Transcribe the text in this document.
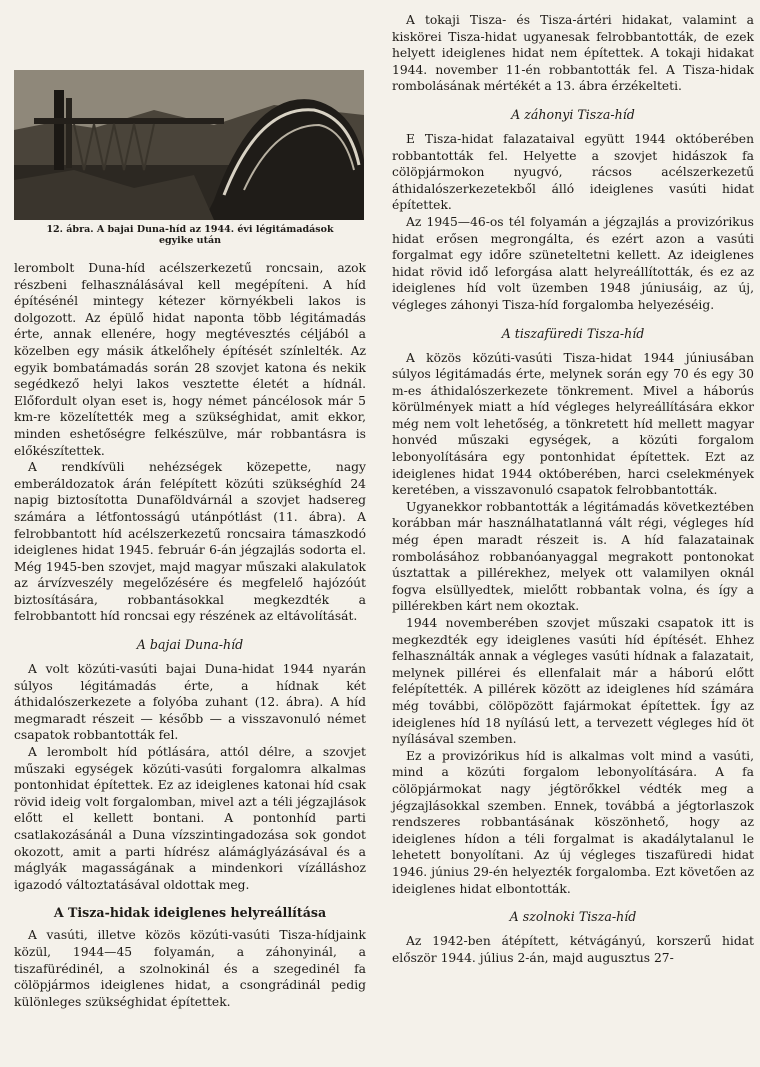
12. ábra. A bajai Duna-híd az 1944. évi légitámadások
egyike után

lerombolt Duna-híd acélszerkezetű roncsain, azok részbeni felhasználásával kell megépíteni. A híd építésénél mintegy kétezer környékbeli lakos is dolgozott. Az épülő hidat naponta több légitámadás érte, annak ellenére, hogy megtévesztés céljából a közelben egy másik átkelőhely építését színlelték. Az egyik bombatámadás során 28 szovjet katona és nekik segédkező helyi lakos vesztette életét a hídnál. Előfordult olyan eset is, hogy német páncélosok már 5 km-re közelítették meg a szükséghidat, amit ekkor, minden eshetőségre felkészülve, már robbantásra is előkészítettek.

A rendkívüli nehézségek közepette, nagy emberáldozatok árán felépített közúti szükséghíd 24 napig biztosította Dunaföldvárnál a szovjet hadsereg számára a létfontosságú utánpótlást (11. ábra). A felrobbantott híd acélszerkezetű roncsaira támaszkodó ideiglenes hidat 1945. február 6-án jégzajlás sodorta el. Még 1945-ben szovjet, majd magyar műszaki alakulatok az árvízveszély megelőzésére és megfelelő hajózóút biztosítására, robbantásokkal megkezdték a felrobbantott híd roncsai egy részének az eltávolítását.

A bajai Duna-híd

A volt közúti-vasúti bajai Duna-hidat 1944 nyarán súlyos légitámadás érte, a hídnak két áthidalószerkezete a folyóba zuhant (12. ábra). A híd megmaradt részeit — később — a visszavonuló német csapatok robbantották fel.

A lerombolt híd pótlására, attól délre, a szovjet műszaki egységek közúti-vasúti forgalomra alkalmas pontonhidat építettek. Ez az ideiglenes katonai híd csak rövid ideig volt forgalomban, mivel azt a téli jégzajlások előtt el kellett bontani. A pontonhíd parti csatlakozásánál a Duna vízszintingadozása sok gondot okozott, amit a parti hídrész alámáglyázásával és a máglyák magasságának a mindenkori vízálláshoz igazodó változtatásával oldottak meg.

A Tisza-hidak ideiglenes helyreállítása

A vasúti, illetve közös közúti-vasúti Tisza-hídjaink közül, 1944—45 folyamán, a záhonyinál, a tiszafürédinél, a szolnokinál és a szegedinél fa cölöpjármos ideiglenes hidat, a csongrádinál pedig különleges szükséghidat építettek.

A tokaji Tisza- és Tisza-ártéri hidakat, valamint a kiskörei Tisza-hidat ugyanesak felrobbantották, de ezek helyett ideiglenes hidat nem építettek. A tokaji hidakat 1944. november 11-én robbantották fel. A Tisza-hidak rombolásának mértékét a 13. ábra érzékelteti.

A záhonyi Tisza-híd

E Tisza-hidat falazataival együtt 1944 októberében robbantották fel. Helyette a szovjet hidászok fa cölöpjármokon nyugvó, rácsos acélszerkezetű áthidalószerkezetekből álló ideiglenes vasúti hidat építettek.

Az 1945—46-os tél folyamán a jégzajlás a provizórikus hidat erősen megrongálta, és ezért azon a vasúti forgalmat egy időre szüneteltetni kellett. Az ideiglenes hidat rövid idő leforgása alatt helyreállították, és ez az ideiglenes híd volt üzemben 1948 júniusáig, az új, végleges záhonyi Tisza-híd forgalomba helyezéséig.

A tiszafüredi Tisza-híd

A közös közúti-vasúti Tisza-hidat 1944 júniusában súlyos légitámadás érte, melynek során egy 70 és egy 30 m-es áthidalószerkezete tönkrement. Mivel a háborús körülmények miatt a híd végleges helyreállítására ekkor még nem volt lehetőség, a tönkretett híd mellett magyar honvéd műszaki egységek, a közúti forgalom lebonyolítására egy pontonhidat építettek. Ezt az ideiglenes hidat 1944 októberében, harci cselekmények keretében, a visszavonuló csapatok felrobbantották.

Ugyanekkor robbantották a légitámadás következtében korábban már használhatatlanná vált régi, végleges híd még épen maradt részeit is. A híd falazatainak rombolásához robbanóanyaggal megrakott pontonokat úsztattak a pillérekhez, melyek ott valamilyen oknál fogva elsüllyedtek, mielőtt robbantak volna, és így a pillérekben kárt nem okoztak.

1944 novemberében szovjet műszaki csapatok itt is megkezdték egy ideiglenes vasúti híd építését. Ehhez felhasználták annak a végleges vasúti hídnak a falazatait, melynek pillérei és ellenfalait már a háború előtt felépítették. A pillérek között az ideiglenes híd számára még további, cölöpözött fajármokat építettek. Így az ideiglenes híd 18 nyílású lett, a tervezett végleges híd öt nyílásával szemben.

Ez a provizórikus híd is alkalmas volt mind a vasúti, mind a közúti forgalom lebonyolítására. A fa cölöpjármokat nagy jégtörőkkel védték meg a jégzajlásokkal szemben. Ennek, továbbá a jégtorlaszok rendszeres robbantásának köszönhető, hogy az ideiglenes hídon a téli forgalmat is akadálytalanul le lehetett bonyolítani. Az új végleges tiszafüredi hidat 1946. június 29-én helyezték forgalomba. Ezt követően az ideiglenes hidat elbontották.

A szolnoki Tisza-híd

Az 1942-ben átépített, kétvágányú, korszerű hidat először 1944. július 2-án, majd augusztus 27-
